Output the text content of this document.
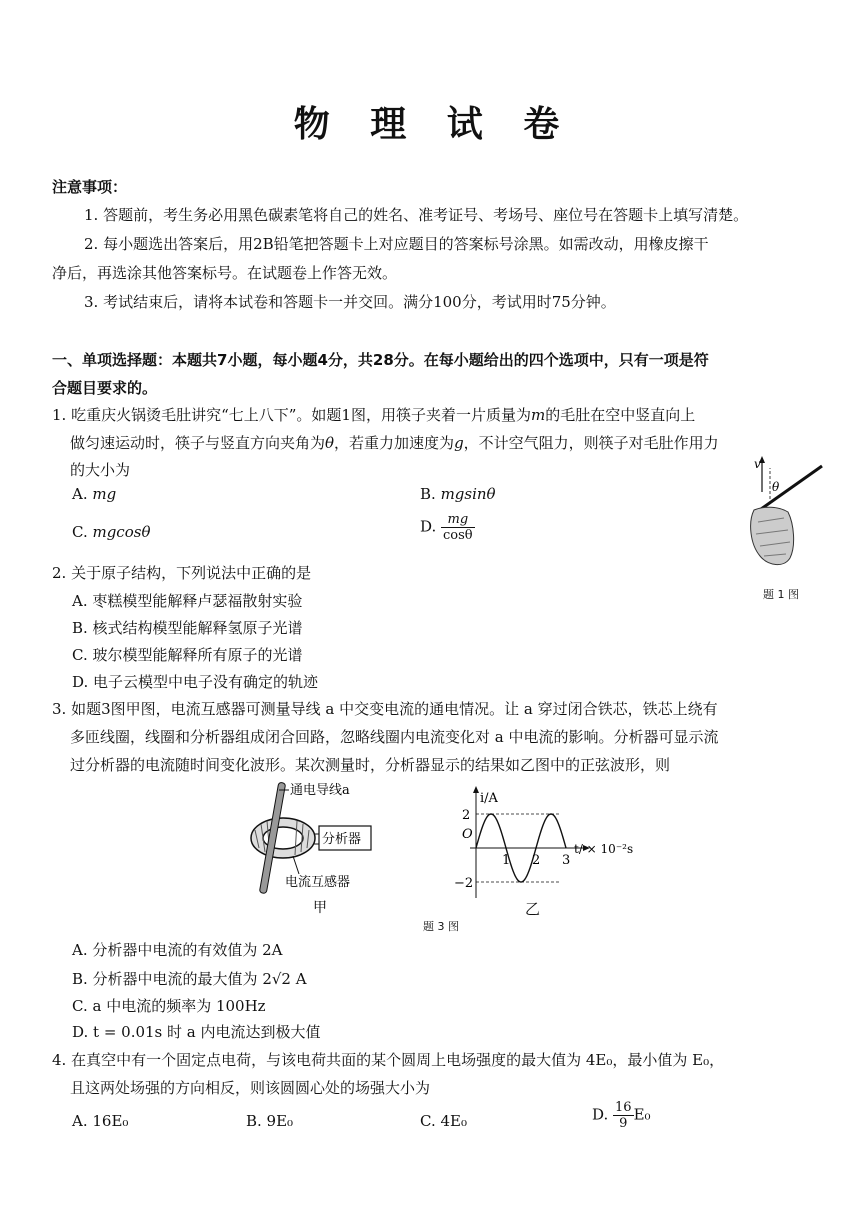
物 理 试 卷
注意事项：
1. 答题前，考生务必用黑色碳素笔将自己的姓名、准考证号、考场号、座位号在答题卡上填写清楚。
2. 每小题选出答案后，用2B铅笔把答题卡上对应题目的答案标号涂黑。如需改动，用橡皮擦干
净后，再选涂其他答案标号。在试题卷上作答无效。
3. 考试结束后，请将本试卷和答题卡一并交回。满分100分，考试用时75分钟。
一、单项选择题：本题共7小题，每小题4分，共28分。在每小题给出的四个选项中，只有一项是符
合题目要求的。
1. 吃重庆火锅烫毛肚讲究“七上八下”。如题1图，用筷子夹着一片质量为m的毛肚在空中竖直向上
做匀速运动时，筷子与竖直方向夹角为θ，若重力加速度为g，不计空气阻力，则筷子对毛肚作用力
的大小为
A. mg	B. mgsinθ
C. mgcosθ	D. $\frac{mg}{\cos\theta}$
v
θ
题 1 图
2. 关于原子结构，下列说法中正确的是
A. 枣糕模型能解释卢瑟福散射实验
B. 核式结构模型能解释氢原子光谱
C. 玻尔模型能解释所有原子的光谱
D. 电子云模型中电子没有确定的轨迹
3. 如题3图甲图，电流互感器可测量导线 a 中交变电流的通电情况。让 a 穿过闭合铁芯，铁芯上绕有
多匝线圈，线圈和分析器组成闭合回路，忽略线圈内电流变化对 a 中电流的影响。分析器可显示流
过分析器的电流随时间变化波形。某次测量时，分析器显示的结果如乙图中的正弦波形，则
通电导线a
分析器
电流互感器
甲
i/A
t/ × 10⁻²s
O
1 2 3
2
−2
乙
题 3 图
A. 分析器中电流的有效值为 2A
B. 分析器中电流的最大值为 2√2 A
C. a 中电流的频率为 100Hz
D. t = 0.01s 时 a 内电流达到极大值
4. 在真空中有一个固定点电荷，与该电荷共面的某个圆周上电场强度的最大值为 4E₀，最小值为 E₀，
且这两处场强的方向相反，则该圆圆心处的场强大小为
A. 16E₀	B. 9E₀	C. 4E₀	D. $\frac{16}{9} E_0$
